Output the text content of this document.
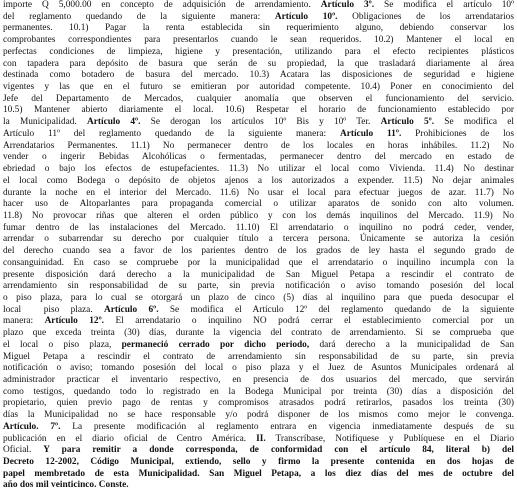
importe Q 5,000.00 en concepto de adquisición de arrendamiento. Artículo 3º. Se modifica el artículo 10º
del reglamento quedando de la siguiente manera: Artículo 10º. Obligaciones de los arrendatarios
permanentes. 10.1) Pagar la renta establecida sin requerimiento alguno, debiendo conservar los
comprobantes correspondientes para presentarlos cuando le sean requeridos. 10.2) Mantener el local en
perfectas condiciones de limpieza, higiene y presentación, utilizando para el efecto recipientes plásticos
con tapadera para depósito de basura que serán de su propiedad, la que trasladará diariamente al área
destinada como botadero de basura del mercado. 10.3) Acatara las disposiciones de seguridad e higiene
vigentes y las que en el futuro se emitieran por autoridad competente. 10.4) Poner en conocimiento del
Jefe del Departamento de Mercados, cualquier anomalía que observen el funcionamiento del servicio.
10.5) Mantener abierto diariamente el local. 10.6) Respetar el horario de funcionamiento establecido por
la Municipalidad. Artículo 4º. Se derogan los artículos 10º Bis y 10º Ter. Artículo 5º. Se modifica el
Artículo 11º del reglamento quedando de la siguiente manera: Artículo 11º. Prohibiciones de los
Arrendatarios Permanentes. 11.1) No permanecer dentro de los locales en horas inhábiles. 11.2) No
vender o ingerir Bebidas Alcohólicas o fermentadas, permanecer dentro del mercado en estado de
ebriedad o bajo los efectos de estupefacientes. 11.3) No utilizar el local como Vivienda. 11.4) No destinar
el local como Bodega o depósito de objetos ajenos a los autorizados a expender. 11.5) No dejar animales
durante la noche en el interior del Mercado. 11.6) No usar el local para efectuar juegos de azar. 11.7) No
hacer uso de Altoparlantes para propaganda comercial o utilizar aparatos de sonido con alto volumen.
11.8) No provocar riñas que alteren el orden público y con los demás inquilinos del Mercado. 11.9) No
fumar dentro de las instalaciones del Mercado. 11.10) El arrendatario o inquilino no podrá ceder, vender,
arrendar o subarrendar su derecho por cualquier título a tercera persona. Únicamente se autoriza la cesión
del derecho cuando sea a favor de los parientes dentro de los grados de ley hasta el segundo grado de
consanguinidad. En caso se compruebe por la municipalidad que el arrendatario o inquilino incumpla con la
presente disposición dará derecho a la municipalidad de San Miguel Petapa a rescindir el contrato de
arrendamiento sin responsabilidad de su parte, sin previa notificación o aviso tomando posesión del local
o piso plaza, para lo cual se otorgará un plazo de cinco (5) días al inquilino para que pueda desocupar el
local  piso plaza. Artículo 6º. Se modifica el Artículo 12º del reglamento quedando de la siguiente
manera: Artículo 12º. El arrendatario o inquilino NO podrá cerrar el establecimiento comercial por un
plazo que exceda treinta (30) días, durante la vigencia del contrato de arrendamiento. Si se comprueba que
el local o piso plaza, permaneció cerrado por dicho periodo, dará derecho a la municipalidad de San
Miguel Petapa a rescindir el contrato de arrendamiento sin responsabilidad de su parte, sin previa
notificación o aviso; tomando posesión del local o piso plaza y el Juez de Asuntos Municipales ordenará al
administrador practicar el inventario respectivo, en presencia de dos usuarios del mercado, que servirán
como testigos, quedando todo lo registrado en la Bodega Municipal por treinta (30) días a disposición del
propietario, quien previo pago de rentas y compromisos atrasados podrá retirarlos, pasados los treinta (30)
días la Municipalidad no se hace responsable y/o podrá disponer de los mismos como mejor le convenga.
Artículo. 7º. La presente modificación al reglamento entrara en vigencia inmediatamente después de su
publicación en el diario oficial de Centro América. II. Transcríbase, Notifíquese y Publíquese en el Diario
Oficial. Y para remitir a donde corresponda, de conformidad con el artículo 84, literal b) del
Decreto 12-2002, Código Municipal, extiendo, sello y firmo la presente contenida en dos hojas de
papel membretado de esta Municipalidad. San Miguel Petapa, a los diez días del mes de octubre del
año dos mil veinticinco. Conste.
